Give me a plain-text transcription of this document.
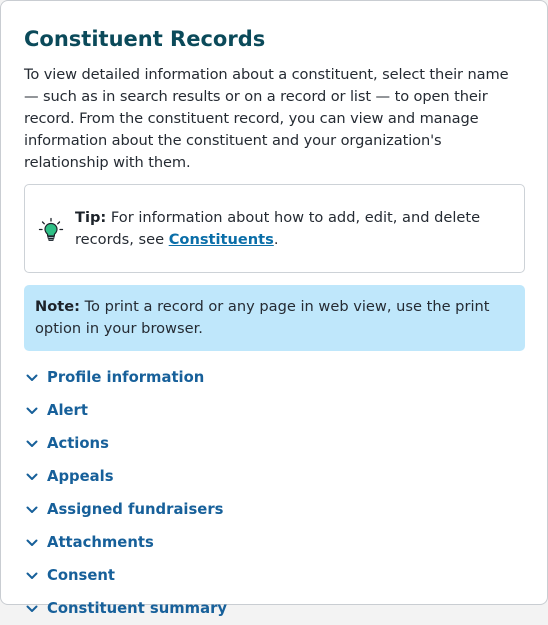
Constituent Records
To view detailed information about a constituent, select their name — such as in search results or on a record or list — to open their record. From the constituent record, you can view and manage information about the constituent and your organization's relationship with them.
Tip: For information about how to add, edit, and delete records, see Constituents.
Note: To print a record or any page in web view, use the print option in your browser.
Profile information
Alert
Actions
Appeals
Assigned fundraisers
Attachments
Consent
Constituent summary
